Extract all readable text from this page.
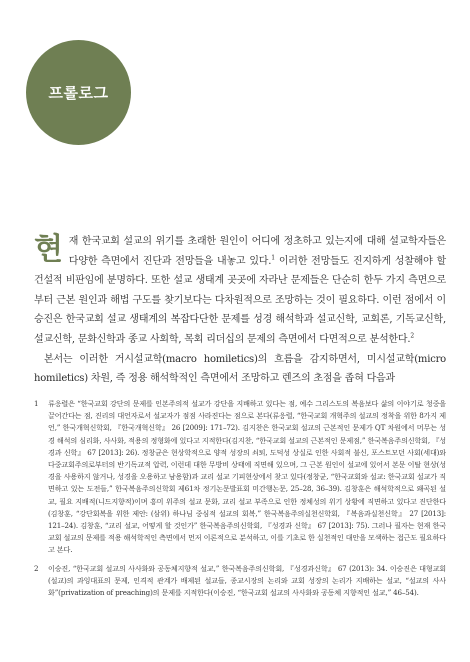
프롤로그

현재 한국교회 설교의 위기를 초래한 원인이 어디에 정초하고 있는지에 대해 설교학자들은 다양한 측면에서 진단과 전망들을 내놓고 있다.$^1$ 이러한 전망들도 진지하게 성찰해야 할 건설적 비판임에 분명하다. 또한 설교 생태계 곳곳에 자라난 문제들은 단순히 한두 가지 측면으로부터 근본 원인과 해법 구도를 찾기보다는 다차원적으로 조망하는 것이 필요하다. 이런 점에서 이승진은 한국교회 설교 생태계의 복잡다단한 문제를 성경 해석학과 설교신학, 교회론, 기독교신학, 설교신학, 문화신학과 종교 사회학, 목회 리더십의 문제의 측면에서 다면적으로 분석한다.$^2$

본서는 이러한 거시설교학(macro homiletics)의 흐름을 감지하면서, 미시설교학(micro homiletics) 차원, 즉 정용 해석학적인 측면에서 조망하고 렌즈의 초점을 좁혀 다음과

1	류응렬은 “한국교회 강단의 문제를 인본주의적 설교가 강단을 지배하고 있다는 점, 예수 그리스도의 복음보다 삶의 이야기로 청중을 끌어간다는 점, 진리의 대언자로서 설교자가 점점 사라진다는 점으로 본다(류응렬, “한국교회 개혁주의 설교의 정착을 위한 8가지 제언,” 한국개혁신학회, 『한국개혁신학』 26 [2009]: 171–72). 김지찬은 한국교회 설교의 근본적인 문제가 QT 차원에서 머무는 성경 해석의 심리화, 사사화, 적용의 정형화에 있다고 지적한다(김지찬, “한국교회 설교의 근본적인 문제점,” 한국복음주의신학회, 『성경과 신학』 67 [2013]: 26). 정창균은 현상학적으로 양적 성장의 쇠퇴, 도덕성 상실로 인한 사회적 불신, 포스트모던 사회(세대)와 다중교회주의로부터의 반기독교적 압력, 이런데 대한 무방비 상태에 직면해 있으며, 그 근본 원인이 설교에 있어서 본문 이탈 현상(성경을 사용하지 않거나, 성경을 오용하고 남용함)과 교리 설교 기피현상에서 찾고 있다(정창균, “한국교회와 설교: 한국교회 설교가 직면하고 있는 도전들,” 한국복음주의신학회 제61차 정기논문발표회 미간행논문, 25–28, 36–39). 김창훈은 해석학적으로 왜곡된 설교, 필요 지배적(니드지향적)이며 흥미 위주의 설교 문화, 교리 설교 부족으로 인한 정체성의 위기 상황에 직면하고 있다고 진단한다(김창훈, “강단회복을 위한 제안: (삼위) 하나님 중심적 설교의 회복,” 한국복음주의실천신학회, 『복음과실천신학』 27 [2013]: 121–24). 김창훈, “교리 설교, 어떻게 할 것인가” 한국복음주의신학회, 『성경과 신학』 67 [2013]: 75). 그러나 필자는 현재 한국교회 설교의 문제를 적용 해석학적인 측면에서 먼저 이론적으로 분석하고, 이를 기초로 한 실천적인 대안을 모색하는 접근도 필요하다고 본다.
2	이승진, “한국교회 설교의 사사화와 공동체지향적 설교,” 한국복음주의신학회, 『성경과신학』 67 (2013): 34. 이승진은 대형교회(설교)의 과잉대표의 문제, 인격적 관계가 배제된 설교들, 종교시장의 논리와 교회 성장의 논리가 지배하는 설교, “설교의 사사화”(privatization of preaching)의 문제를 지적한다(이승진, “한국교회 설교의 사사화와 공동체 지향적인 설교,” 46–54).
